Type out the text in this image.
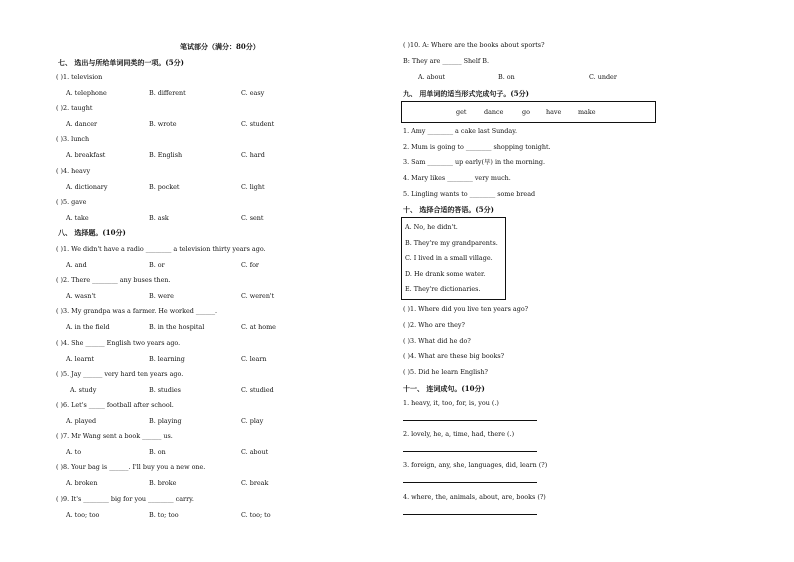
笔试部分（满分：80分）
七、 选出与所给单词同类的一项。(5分)
( )1. television
A. telephone	B. different	C. easy
( )2. taught
A. dancer	B. wrote	C. student
( )3. lunch
A. breakfast	B. English	C. hard
( )4. heavy
A. dictionary	B. pocket	C. light
( )5. gave
A. take	B. ask	C. sent
八、 选择题。(10分)
( )1. We didn't have a radio ________ a television thirty years ago.
A. and	B. or	C. for
( )2. There ________ any buses then.
A. wasn't	B. were	C. weren't
( )3. My grandpa was a farmer. He worked ______.
A. in the field	B. in the hospital	C. at home
( )4. She ______ English two years ago.
A. learnt	B. learning	C. learn
( )5. Jay ______ very hard ten years ago.
A. study	B. studies	C. studied
( )6. Let's _____ football after school.
A. played	B. playing	C. play
( )7. Mr Wang sent a book ______ us.
A. to	B. on	C. about
( )8. Your bag is ______. I'll buy you a new one.
A. broken	B. broke	C. break
( )9. It's ________ big for you ________ carry.
A. too; too	B. to; too	C. too; to
( )10. A: Where are the books about sports?
B: They are ______ Shelf B.
A. about	B. on	C. under
九、 用单词的适当形式完成句子。(5分)
get	dance	go	have	make
1. Amy ________ a cake last Sunday.
2. Mum is going to ________ shopping tonight.
3. Sam ________ up early(早) in the morning.
4. Mary likes ________ very much.
5. Lingling wants to ________ some bread
十、 选择合适的答语。(5分)
A. No, he didn't.
B. They're my grandparents.
C. I lived in a small village.
D. He drank some water.
E. They're dictionaries.
( )1. Where did you live ten years ago?
( )2. Who are they?
( )3. What did he do?
( )4. What are these big books?
( )5. Did he learn English?
十一、 连词成句。(10分)
1. heavy, it, too, for, is, you (.)
2. lovely, he, a, time, had, there (.)
3. foreign, any, she, languages, did, learn (?)
4. where, the, animals, about, are, books (?)
